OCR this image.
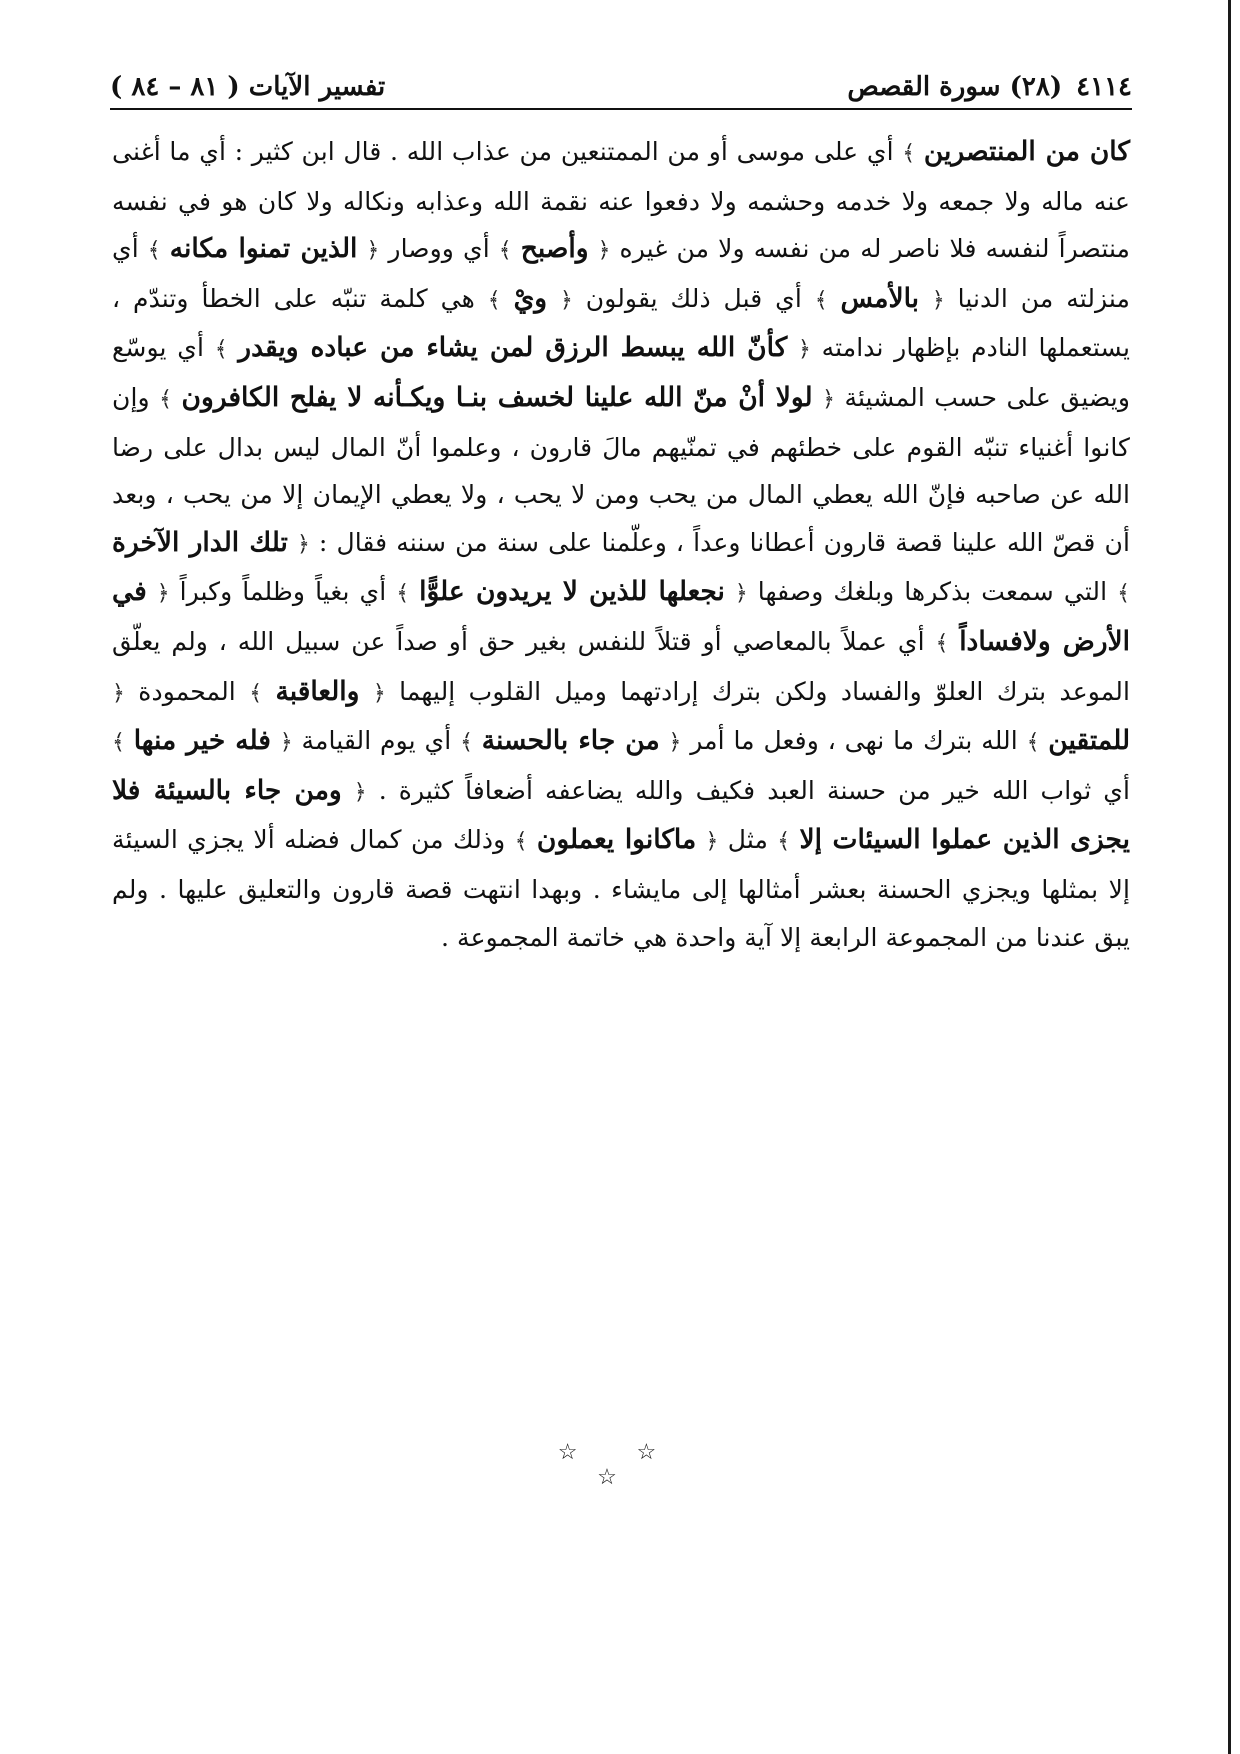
٤١١٤
(٢٨) سورة القصص
تفسير الآيات ( ٨١ – ٨٤ )
كان من المنتصرين ﴾ أي على موسى أو من الممتنعين من عذاب الله . قال ابن كثير : أي ما أغنى عنه ماله ولا جمعه ولا خدمه وحشمه ولا دفعوا عنه نقمة الله وعذابه ونكاله ولا كان هو في نفسه منتصراً لنفسه فلا ناصر له من نفسه ولا من غيره ﴿ وأصبح ﴾ أي ووصار ﴿ الذين تمنوا مكانه ﴾ أي منزلته من الدنيا ﴿ بالأمس ﴾ أي قبل ذلك يقولون ﴿ ويْ ﴾ هي كلمة تنبّه على الخطأ وتندّم ، يستعملها النادم بإظهار ندامته ﴿ كأنّ الله يبسط الرزق لمن يشاء من عباده ويقدر ﴾ أي يوسّع ويضيق على حسب المشيئة ﴿ لولا أنْ منّ الله علينا لخسف بنـا ويكـأنه لا يفلح الكافرون ﴾ وإن كانوا أغنياء تنبّه القوم على خطئهم في تمنّيهم مالَ قارون ، وعلموا أنّ المال ليس بدال على رضا الله عن صاحبه فإنّ الله يعطي المال من يحب ومن لا يحب ، ولا يعطي الإيمان إلا من يحب ، وبعد أن قصّ الله علينا قصة قارون أعطانا وعداً ، وعلّمنا على سنة من سننه فقال : ﴿ تلك الدار الآخرة ﴾ التي سمعت بذكرها وبلغك وصفها ﴿ نجعلها للذين لا يريدون علوًّا ﴾ أي بغياً وظلماً وكبراً ﴿ في الأرض ولافساداً ﴾ أي عملاً بالمعاصي أو قتلاً للنفس بغير حق أو صداً عن سبيل الله ، ولم يعلّق الموعد بترك العلوّ والفساد ولكن بترك إرادتهما وميل القلوب إليهما ﴿ والعاقبة ﴾ المحمودة ﴿ للمتقين ﴾ الله بترك ما نهى ، وفعل ما أمر ﴿ من جاء بالحسنة ﴾ أي يوم القيامة ﴿ فله خير منها ﴾ أي ثواب الله خير من حسنة العبد فكيف والله يضاعفه أضعافاً كثيرة . ﴿ ومن جاء بالسيئة فلا يجزى الذين عملوا السيئات إلا ﴾ مثل ﴿ ماكانوا يعملون ﴾ وذلك من كمال فضله ألا يجزي السيئة إلا بمثلها ويجزي الحسنة بعشر أمثالها إلى مايشاء . وبهدا انتهت قصة قارون والتعليق عليها . ولم يبق عندنا من المجموعة الرابعة إلا آية واحدة هي خاتمة المجموعة .
☆ ☆ ☆
